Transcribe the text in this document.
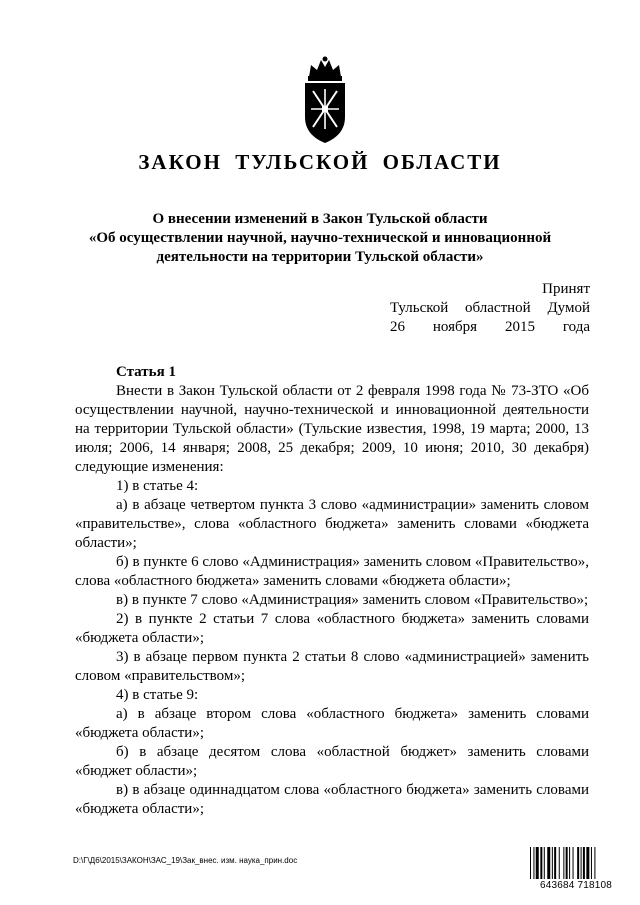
ЗАКОН ТУЛЬСКОЙ ОБЛАСТИ
О внесении изменений в Закон Тульской области
«Об осуществлении научной, научно-технической и инновационной
деятельности на территории Тульской области»
Принят
Тульской областной Думой
26 ноября 2015 года
Статья 1

Внести в Закон Тульской области от 2 февраля 1998 года № 73-ЗТО «Об осуществлении научной, научно-технической и инновационной деятельности на территории Тульской области» (Тульские известия, 1998, 19 марта; 2000, 13 июля; 2006, 14 января; 2008, 25 декабря; 2009, 10 июня; 2010, 30 декабря) следующие изменения:

1) в статье 4:

а) в абзаце четвертом пункта 3 слово «администрации» заменить словом «правительстве», слова «областного бюджета» заменить словами «бюджета области»;

б) в пункте 6 слово «Администрация» заменить словом «Правительство», слова «областного бюджета» заменить словами «бюджета области»;

в) в пункте 7 слово «Администрация» заменить словом «Правительство»;

2) в пункте 2 статьи 7 слова «областного бюджета» заменить словами «бюджета области»;

3) в абзаце первом пункта 2 статьи 8 слово «администрацией» заменить словом «правительством»;

4) в статье 9:

а) в абзаце втором слова «областного бюджета» заменить словами «бюджета области»;

б) в абзаце десятом слова «областной бюджет» заменить словами «бюджет области»;

в) в абзаце одиннадцатом слова «областного бюджета» заменить словами «бюджета области»;

D:\Г\Д6\2015\ЗАКОН\ЗАС_19\Зак_внес. изм. наука_прин.doc
643684 718108
